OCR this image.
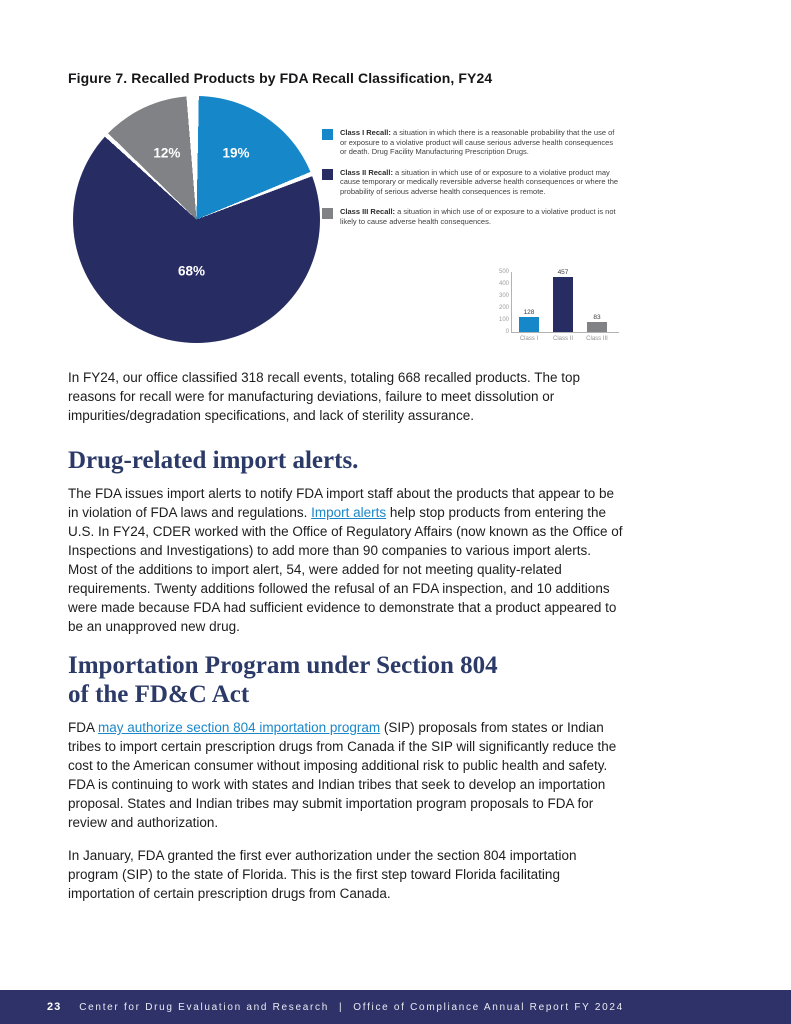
Figure 7. Recalled Products by FDA Recall Classification, FY24
19%
68%
12%
Class I Recall: a situation in which there is a reasonable probability that the use of or exposure to a violative product will cause serious adverse health consequences or death. Drug Facility Manufacturing Prescription Drugs.
Class II Recall: a situation in which use of or exposure to a violative product may cause temporary or medically reversible adverse health consequences or where the probability of serious adverse health consequences is remote.
Class III Recall: a situation in which use of or exposure to a violative product is not likely to cause adverse health consequences.
0
100
200
300
400
500
128
Class I
457
Class II
83
Class III

In FY24, our office classified 318 recall events, totaling 668 recalled products. The top reasons for recall were for manufacturing deviations, failure to meet dissolution or impurities/degradation specifications, and lack of sterility assurance.

Drug-related import alerts.

The FDA issues import alerts to notify FDA import staff about the products that appear to be in violation of FDA laws and regulations. Import alerts help stop products from entering the U.S. In FY24, CDER worked with the Office of Regulatory Affairs (now known as the Office of Inspections and Investigations) to add more than 90 companies to various import alerts. Most of the additions to import alert, 54, were added for not meeting quality-related requirements. Twenty additions followed the refusal of an FDA inspection, and 10 additions were made because FDA had sufficient evidence to demonstrate that a product appeared to be an unapproved new drug.

Importation Program under Section 804
of the FD&C Act

FDA may authorize section 804 importation program (SIP) proposals from states or Indian tribes to import certain prescription drugs from Canada if the SIP will significantly reduce the cost to the American consumer without imposing additional risk to public health and safety. FDA is continuing to work with states and Indian tribes that seek to develop an importation proposal. States and Indian tribes may submit importation program proposals to FDA for review and authorization.

In January, FDA granted the first ever authorization under the section 804 importation program (SIP) to the state of Florida. This is the first step toward Florida facilitating importation of certain prescription drugs from Canada.

23 Center for Drug Evaluation and Research | Office of Compliance Annual Report FY 2024
